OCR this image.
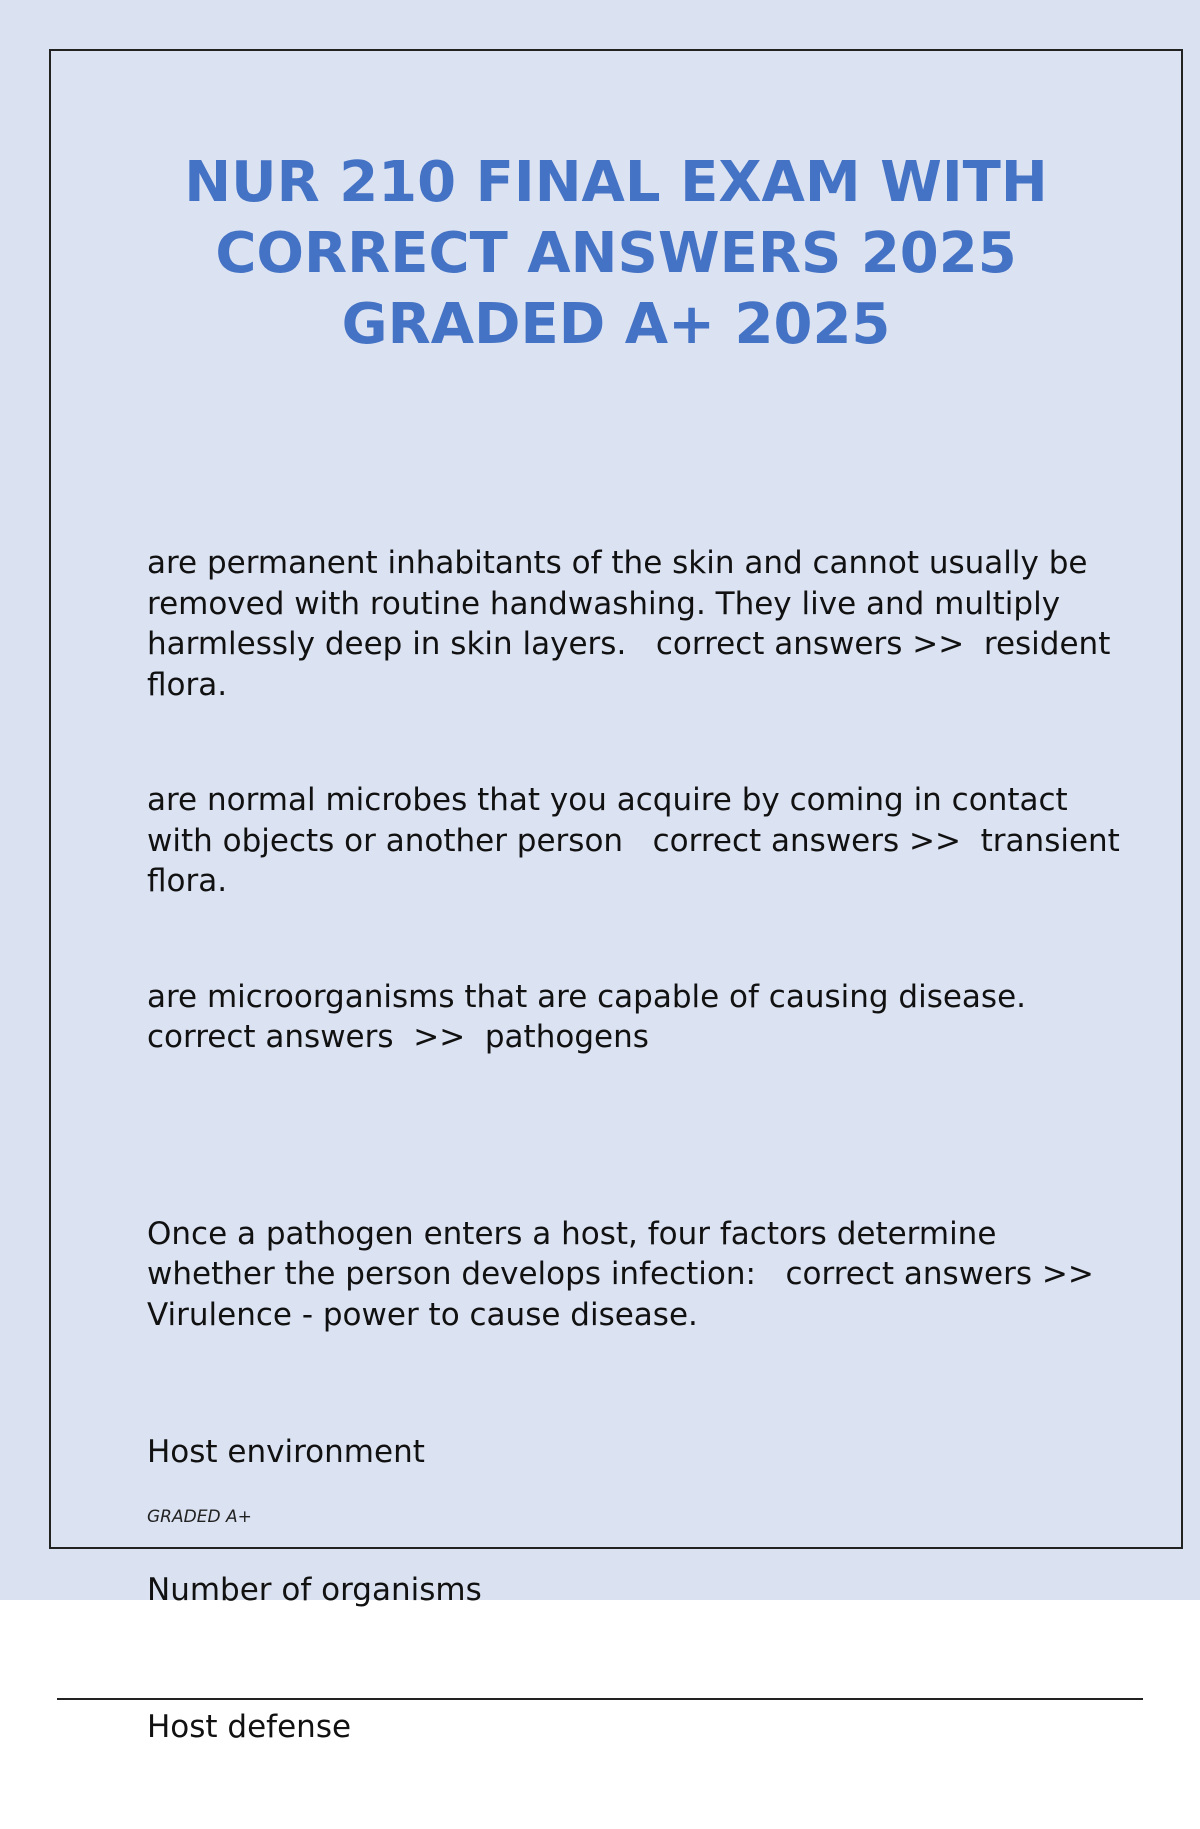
NUR 210 FINAL EXAM WITH
CORRECT ANSWERS 2025
GRADED A+ 2025
are permanent inhabitants of the skin and cannot usually be removed with routine handwashing. They live and multiply harmlessly deep in skin layers.   correct answers >>  resident flora.
are normal microbes that you acquire by coming in contact with objects or another person   correct answers >>  transient flora.
are microorganisms that are capable of causing disease. correct answers  >>  pathogens

Once a pathogen enters a host, four factors determine whether the person develops infection:   correct answers >>  Virulence - power to cause disease.

Host environment

Number of organisms

Host defense

GRADED A+
